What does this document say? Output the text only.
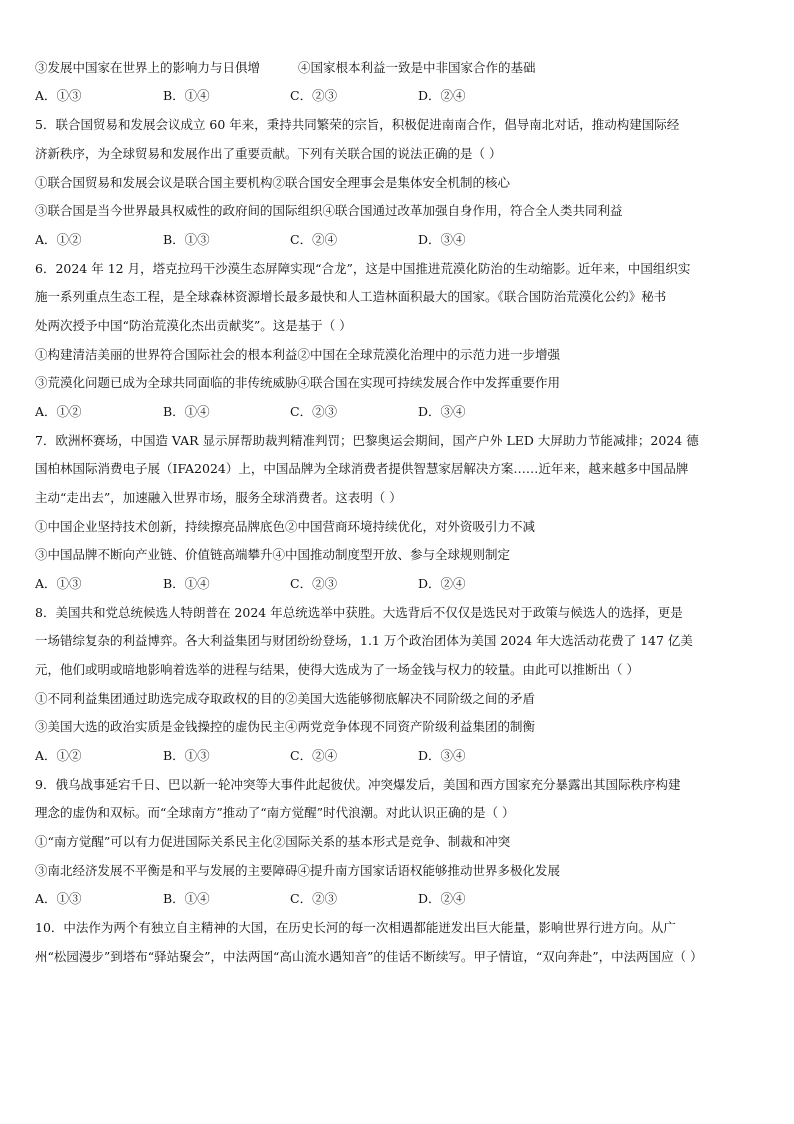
③发展中国家在世界上的影响力与日俱增	④国家根本利益一致是中非国家合作的基础
A．①③	B．①④	C．②③	D．②④
5．联合国贸易和发展会议成立 60 年来，秉持共同繁荣的宗旨，积极促进南南合作，倡导南北对话，推动构建国际经
济新秩序，为全球贸易和发展作出了重要贡献。下列有关联合国的说法正确的是（ ）
①联合国贸易和发展会议是联合国主要机构②联合国安全理事会是集体安全机制的核心
③联合国是当今世界最具权威性的政府间的国际组织④联合国通过改革加强自身作用，符合全人类共同利益
A．①②	B．①③	C．②④	D．③④
6．2024 年 12 月，塔克拉玛干沙漠生态屏障实现“合龙”，这是中国推进荒漠化防治的生动缩影。近年来，中国组织实
施一系列重点生态工程，是全球森林资源增长最多最快和人工造林面积最大的国家。《联合国防治荒漠化公约》秘书
处两次授予中国“防治荒漠化杰出贡献奖”。这是基于（ ）
①构建清洁美丽的世界符合国际社会的根本利益②中国在全球荒漠化治理中的示范力进一步增强
③荒漠化问题已成为全球共同面临的非传统威胁④联合国在实现可持续发展合作中发挥重要作用
A．①②	B．①④	C．②③	D．③④
7．欧洲杯赛场，中国造 VAR 显示屏帮助裁判精准判罚；巴黎奥运会期间，国产户外 LED 大屏助力节能减排；2024 德
国柏林国际消费电子展（IFA2024）上，中国品牌为全球消费者提供智慧家居解决方案……近年来，越来越多中国品牌
主动“走出去”，加速融入世界市场，服务全球消费者。这表明（ ）
①中国企业坚持技术创新，持续擦亮品牌底色②中国营商环境持续优化，对外资吸引力不减
③中国品牌不断向产业链、价值链高端攀升④中国推动制度型开放、参与全球规则制定
A．①③	B．①④	C．②③	D．②④
8．美国共和党总统候选人特朗普在 2024 年总统选举中获胜。大选背后不仅仅是选民对于政策与候选人的选择，更是
一场错综复杂的利益博弈。各大利益集团与财团纷纷登场，1.1 万个政治团体为美国 2024 年大选活动花费了 147 亿美
元，他们或明或暗地影响着选举的进程与结果，使得大选成为了一场金钱与权力的较量。由此可以推断出（ ）
①不同利益集团通过助选完成夺取政权的目的②美国大选能够彻底解决不同阶级之间的矛盾
③美国大选的政治实质是金钱操控的虚伪民主④两党竞争体现不同资产阶级利益集团的制衡
A．①②	B．①③	C．②④	D．③④
9．俄乌战事延宕千日、巴以新一轮冲突等大事件此起彼伏。冲突爆发后，美国和西方国家充分暴露出其国际秩序构建
理念的虚伪和双标。而“全球南方”推动了“南方觉醒”时代浪潮。对此认识正确的是（ ）
①“南方觉醒”可以有力促进国际关系民主化②国际关系的基本形式是竞争、制裁和冲突
③南北经济发展不平衡是和平与发展的主要障碍④提升南方国家话语权能够推动世界多极化发展
A．①③	B．①④	C．②③	D．②④
10．中法作为两个有独立自主精神的大国，在历史长河的每一次相遇都能迸发出巨大能量，影响世界行进方向。从广
州“松园漫步”到塔布“驿站聚会”，中法两国“高山流水遇知音”的佳话不断续写。甲子情谊，“双向奔赴”，中法两国应（ ）
